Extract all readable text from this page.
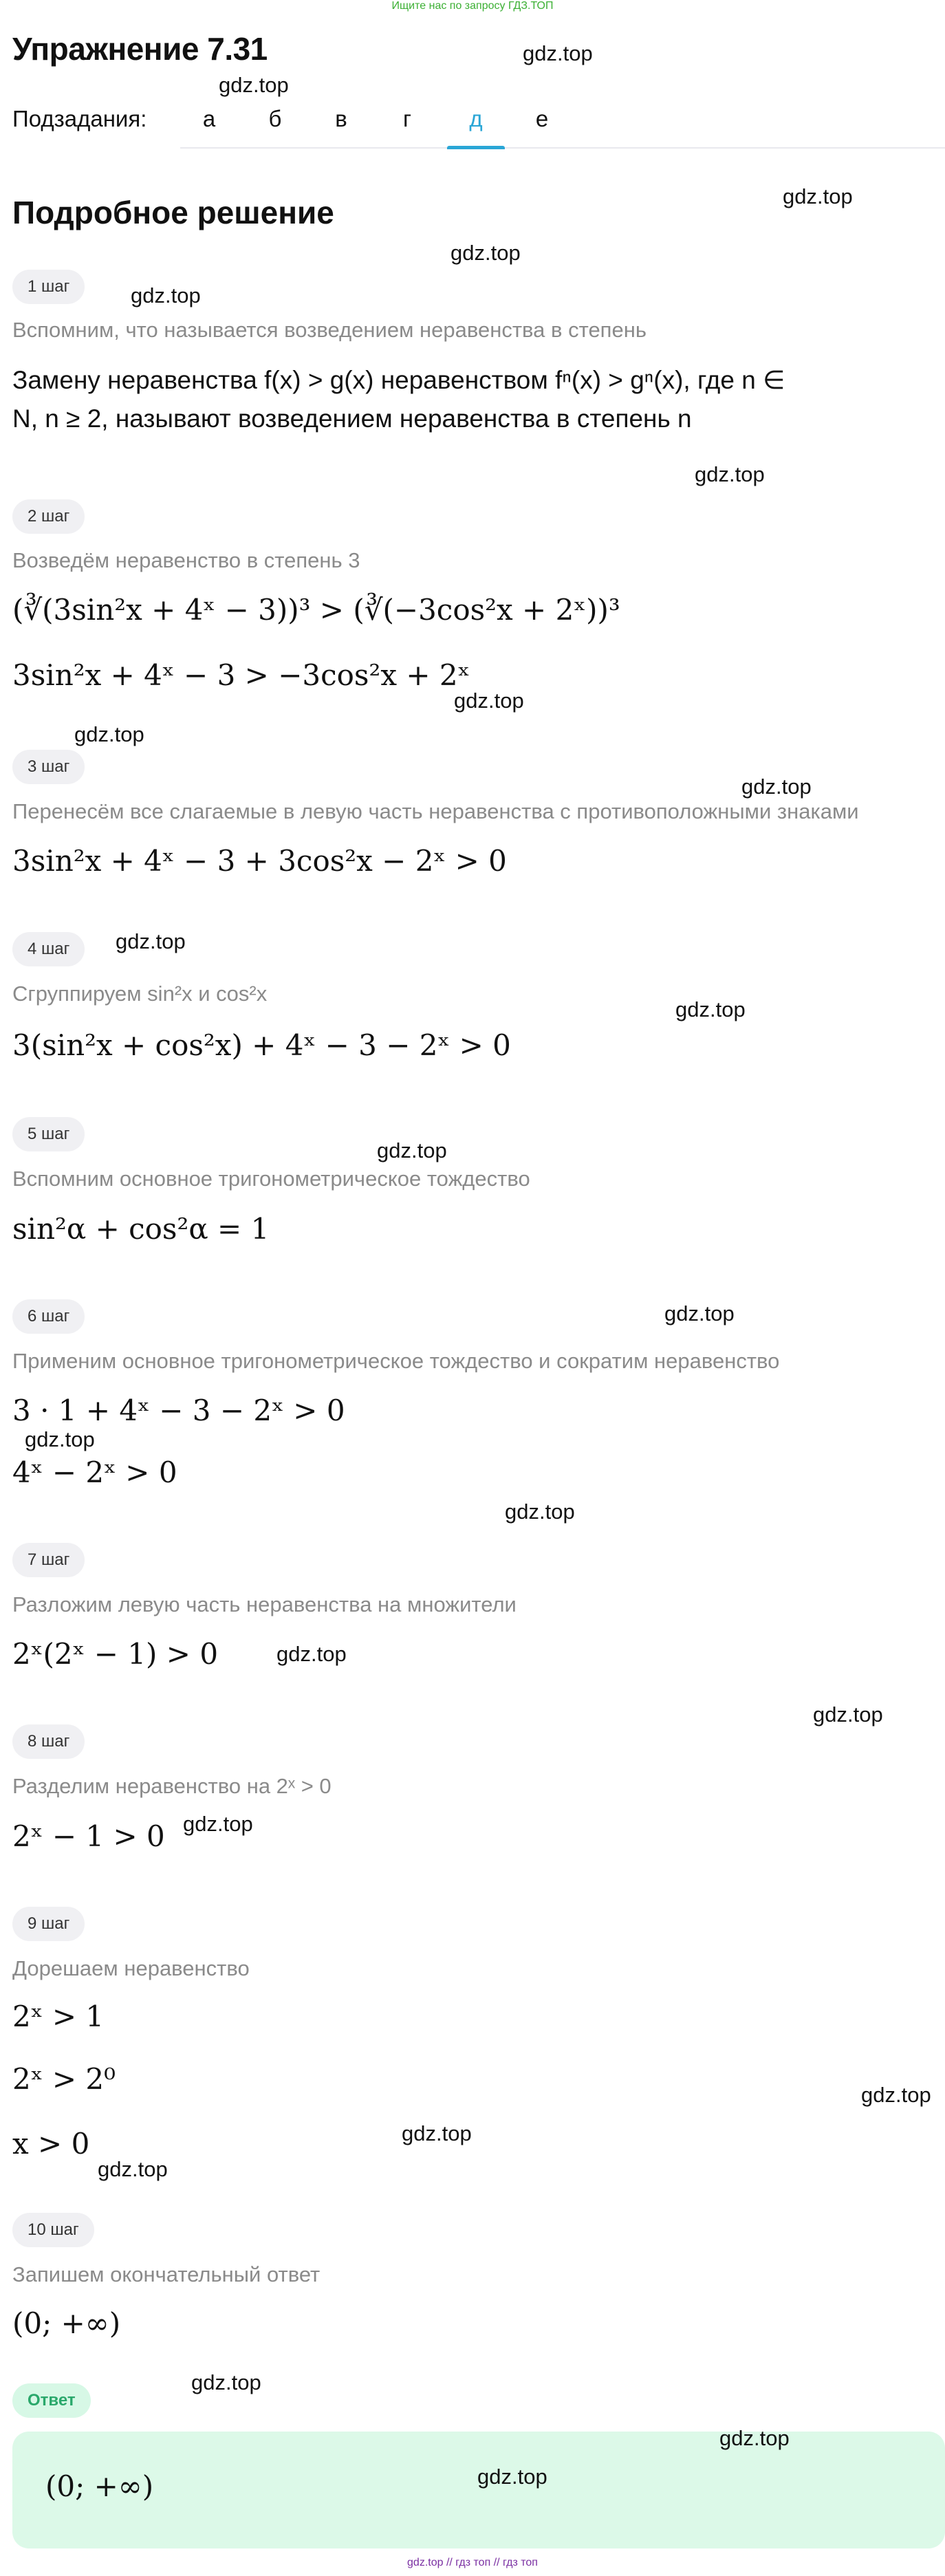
Ищите нас по запросу ГДЗ.ТОП
Упражнение 7.31
Подзадания:	а	б	в	г	д	е
Подробное решение
1 шаг
Вспомним, что называется возведением неравенства в степень
Замену неравенства f(x) > g(x) неравенством fⁿ(x) > gⁿ(x), где n ∈
N, n ≥ 2, называют возведением неравенства в степень n
2 шаг
Возведём неравенство в степень 3
(∛(3sin²x + 4ˣ − 3))³ > (∛(−3cos²x + 2ˣ))³
3sin²x + 4ˣ − 3 > −3cos²x + 2ˣ
3 шаг
Перенесём все слагаемые в левую часть неравенства с противоположными знаками
3sin²x + 4ˣ − 3 + 3cos²x − 2ˣ > 0
4 шаг
Сгруппируем sin²x и cos²x
3(sin²x + cos²x) + 4ˣ − 3 − 2ˣ > 0
5 шаг
Вспомним основное тригонометрическое тождество
sin²α + cos²α = 1
6 шаг
Применим основное тригонометрическое тождество и сократим неравенство
3 · 1 + 4ˣ − 3 − 2ˣ > 0
4ˣ − 2ˣ > 0
7 шаг
Разложим левую часть неравенства на множители
2ˣ(2ˣ − 1) > 0
8 шаг
Разделим неравенство на 2ˣ > 0
2ˣ − 1 > 0
9 шаг
Дорешаем неравенство
2ˣ > 1
2ˣ > 2⁰
x > 0
10 шаг
Запишем окончательный ответ
(0; +∞)
Ответ
(0; +∞)
gdz.top
gdz.top
gdz.top
gdz.top
gdz.top
gdz.top
gdz.top
gdz.top
gdz.top
gdz.top
gdz.top
gdz.top
gdz.top
gdz.top
gdz.top
gdz.top
gdz.top
gdz.top
gdz.top
gdz.top
gdz.top
gdz.top
gdz.top
gdz.top
gdz.top // гдз топ // гдз топ
